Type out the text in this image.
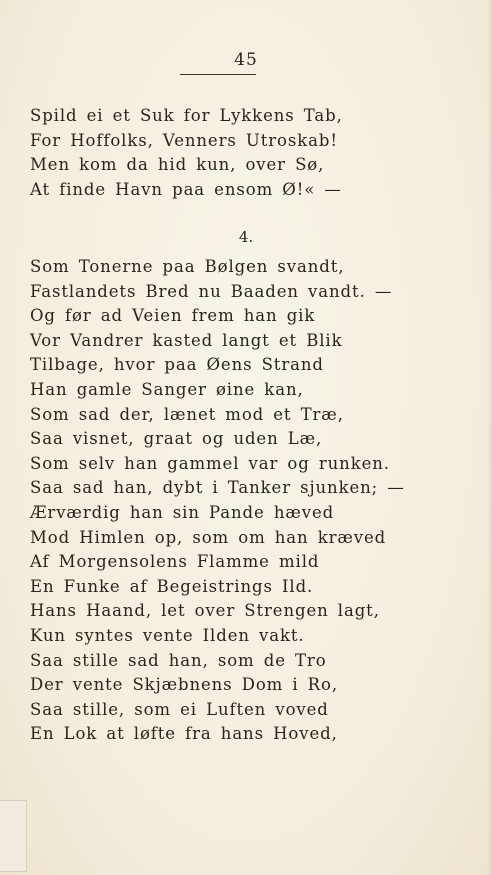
45
Spild ei et Suk for Lykkens Tab,
For Hoffolks, Venners Utroskab!
Men kom da hid kun, over Sø,
At finde Havn paa ensom Ø!« —
4.
Som Tonerne paa Bølgen svandt,
Fastlandets Bred nu Baaden vandt. —
Og før ad Veien frem han gik
Vor Vandrer kasted langt et Blik
Tilbage, hvor paa Øens Strand
Han gamle Sanger øine kan,
Som sad der, lænet mod et Træ,
Saa visnet, graat og uden Læ,
Som selv han gammel var og runken.
Saa sad han, dybt i Tanker sjunken; —
Ærværdig han sin Pande hæved
Mod Himlen op, som om han kræved
Af Morgensolens Flamme mild
En Funke af Begeistrings Ild.
Hans Haand, let over Strengen lagt,
Kun syntes vente Ilden vakt.
Saa stille sad han, som de Tro
Der vente Skjæbnens Dom i Ro,
Saa stille, som ei Luften voved
En Lok at løfte fra hans Hoved,
